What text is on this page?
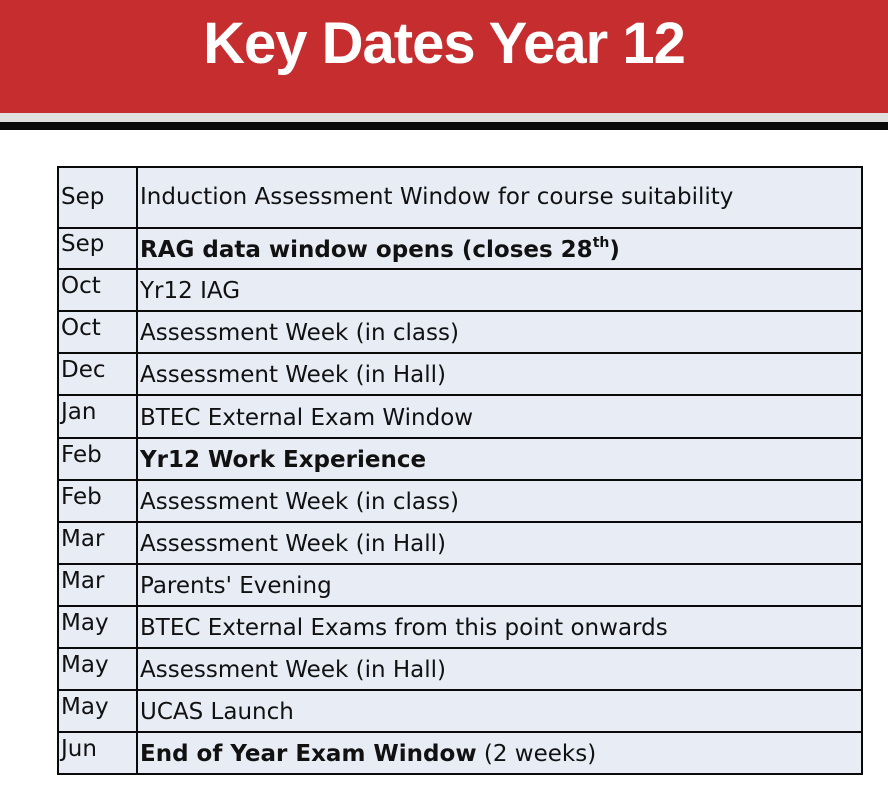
Key Dates Year 12
Sep	Induction Assessment Window for course suitability

Sep	RAG data window opens (closes 28th)

Oct	Yr12 IAG

Oct	Assessment Week (in class)

Dec	Assessment Week (in Hall)

Jan	BTEC External Exam Window

Feb	Yr12 Work Experience

Feb	Assessment Week (in class)

Mar	Assessment Week (in Hall)

Mar	Parents' Evening

May	BTEC External Exams from this point onwards

May	Assessment Week (in Hall)

May	UCAS Launch

Jun	End of Year Exam Window (2 weeks)
